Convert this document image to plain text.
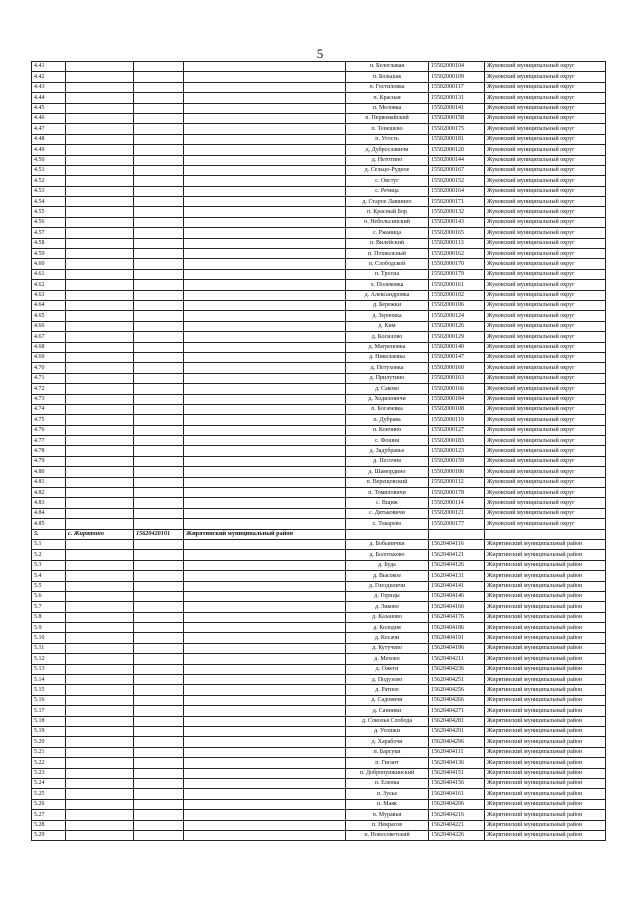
5
4.41				п. Белоглавая	15502000104	Жуковский муниципальный округ
4.42				п. Большак	15502000109	Жуковский муниципальный округ
4.43				п. Гостиловка	15502000117	Жуковский муниципальный округ
4.44				п. Красная	15502000131	Жуковский муниципальный округ
4.45				п. Меловка	15502000141	Жуковский муниципальный округ
4.46				п. Первомайский	15502000158	Жуковский муниципальный округ
4.47				п. Тенешево	15502000175	Жуковский муниципальный округ
4.48				п. Угость	15502000181	Жуковский муниципальный округ
4.49				д. Дуброславичи	15502000120	Жуковский муниципальный округ
4.50				д. Нетотино	15502000144	Жуковский муниципальный округ
4.51				д. Сельцо-Рудное	15502000167	Жуковский муниципальный округ
4.52				с. Овстуг	15502000152	Жуковский муниципальный округ
4.53				с. Речица	15502000164	Жуковский муниципальный округ
4.54				д. Старое Лавшино	15502000171	Жуковский муниципальный округ
4.55				п. Красный Бор	15502000132	Жуковский муниципальный округ
4.56				п. Небольсинский	15502000143	Жуковский муниципальный округ
4.57				с. Ржаница	15502000165	Жуковский муниципальный округ
4.58				п. Вилейский	15502000113	Жуковский муниципальный округ
4.59				п. Похвальный	15502000162	Жуковский муниципальный округ
4.60				п. Слободской	15502000170	Жуковский муниципальный округ
4.61				п. Тросна	15502000179	Жуковский муниципальный округ
4.62				х. Полековка	15502000161	Жуковский муниципальный округ
4.63				д. Александровка	15502000102	Жуковский муниципальный округ
4.64				д. Бережки	15502000106	Жуковский муниципальный округ
4.65				д. Зерновка	15502000124	Жуковский муниципальный округ
4.66				д. Ким	15502000126	Жуковский муниципальный округ
4.67				д. Косилово	15502000129	Жуковский муниципальный округ
4.68				д. Матреновка	15502000140	Жуковский муниципальный округ
4.69				д. Николаевка	15502000147	Жуковский муниципальный округ
4.70				д. Петуховка	15502000160	Жуковский муниципальный округ
4.71				д. Прилутино	15502000163	Жуковский муниципальный округ
4.72				д. Саково	15502000166	Жуковский муниципальный округ
4.73				д. Ходиловичи	15502000184	Жуковский муниципальный округ
4.74				п. Богачевка	15502000108	Жуковский муниципальный округ
4.75				п. Дубрава	15502000119	Жуковский муниципальный округ
4.76				п. Кончино	15502000127	Жуковский муниципальный округ
4.77				с. Фошня	15502000183	Жуковский муниципальный округ
4.78				д. Задубравье	15502000123	Жуковский муниципальный округ
4.79				д. Песочня	15502000159	Жуковский муниципальный округ
4.80				д. Шамордино	15502000186	Жуковский муниципальный округ
4.81				п. Верещовский	15502000112	Жуковский муниципальный округ
4.82				п. Томиловичи	15502000178	Жуковский муниципальный округ
4.83				с. Вщиж	15502000114	Жуковский муниципальный округ
4.84				с. Дятьковичи	15502000121	Жуковский муниципальный округ
4.85				с. Токарево	15502000177	Жуковский муниципальный округ
5.	с. Жирятино	15620420101	Жирятинский муниципальный район			
5.1				д. Бобынички	15620404116	Жирятинский муниципальный район
5.2				д. Болотьково	15620404121	Жирятинский муниципальный район
5.3				д. Буда	15620404126	Жирятинский муниципальный район
5.4				д. Высокое	15620404131	Жирятинский муниципальный район
5.5				д. Гнездиличи	15620404141	Жирятинский муниципальный район
5.6				д. Горнцы	15620404146	Жирятинский муниципальный район
5.7				д. Зиково	15620404166	Жирятинский муниципальный район
5.8				д. Казаново	15620404176	Жирятинский муниципальный район
5.9				д. Колодня	15620404186	Жирятинский муниципальный район
5.10				д. Косачи	15620404191	Жирятинский муниципальный район
5.11				д. Кутучево	15620404196	Жирятинский муниципальный район
5.12				д. Мехово	15620404211	Жирятинский муниципальный район
5.13				д. Ожеги	15620404236	Жирятинский муниципальный район
5.14				д. Подузово	15620404251	Жирятинский муниципальный район
5.15				д. Ратное	15620404256	Жирятинский муниципальный район
5.16				д. Садовичи	15620404266	Жирятинский муниципальный район
5.17				д. Санники	15620404271	Жирятинский муниципальный район
5.18				д. Соколья Слобода	15620404281	Жирятинский муниципальный район
5.19				д. Усошки	15620404291	Жирятинский муниципальный район
5.20				д. Харабочи	15620404296	Жирятинский муниципальный район
5.21				п. Барсуки	15620404111	Жирятинский муниципальный район
5.22				п. Гигант	15620404136	Жирятинский муниципальный район
5.23				п. Добропушкинский	15620404151	Жирятинский муниципальный район
5.24				п. Еленка	15620404156	Жирятинский муниципальный район
5.25				п. Зуєье	15620404161	Жирятинский муниципальный район
5.26				п. Маяк	15620404206	Жирятинский муниципальный район
5.27				п. Муравьи	15620404216	Жирятинский муниципальный район
5.28				п. Некрасов	15620404221	Жирятинский муниципальный район
5.29				п. Новосоветский	15620404226	Жирятинский муниципальный район
